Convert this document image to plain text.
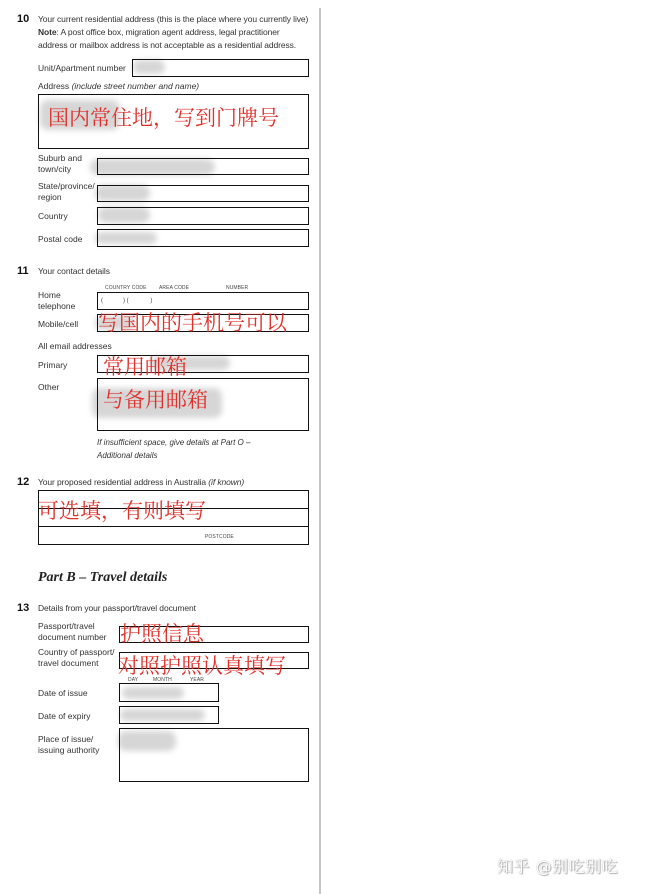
10 Your current residential address (this is the place where you currently live)
Note: A post office box, migration agent address, legal practitioner
address or mailbox address is not acceptable as a residential address.
Unit/Apartment number
Address (include street number and name)
国内常住地，写到门牌号
Suburb and
town/city
State/province/
region
Country
Postal code
11 Your contact details
COUNTRY CODE AREA CODE	NUMBER
Home
telephone	(            ) (             )
Mobile/cell 写国内的手机号可以
All email addresses
Primary 常用邮箱
Other
与备用邮箱
If insufficient space, give details at Part O –
Additional details
12 Your proposed residential address in Australia (if known)
POSTCODE
可选填，有则填写
Part B – Travel details
13 Details from your passport/travel document
Passport/travel
document number 护照信息
Country of passport/
travel document 对照护照认真填写
DAY	MONTH	YEAR
Date of issue
Date of expiry
Place of issue/
issuing authority
知乎 @别吃别吃
